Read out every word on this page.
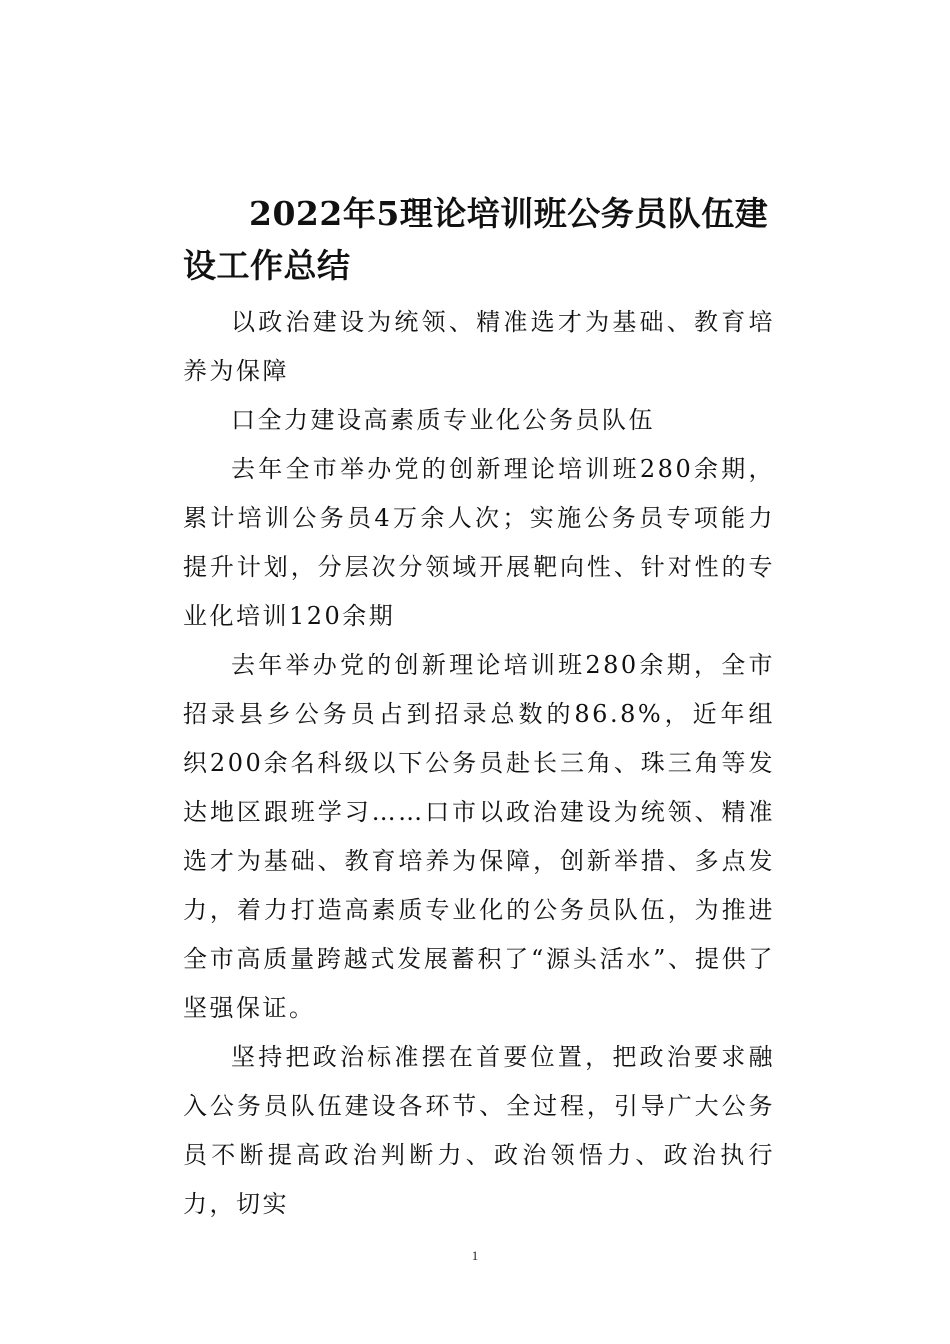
2022年5理论培训班公务员队伍建设工作总结

以政治建设为统领、精准选才为基础、教育培养为保障

口全力建设高素质专业化公务员队伍

去年全市举办党的创新理论培训班280余期，累计培训公务员4万余人次；实施公务员专项能力提升计划，分层次分领域开展靶向性、针对性的专业化培训120余期

去年举办党的创新理论培训班280余期，全市招录县乡公务员占到招录总数的86.8%，近年组织200余名科级以下公务员赴长三角、珠三角等发达地区跟班学习……口市以政治建设为统领、精准选才为基础、教育培养为保障，创新举措、多点发力，着力打造高素质专业化的公务员队伍，为推进全市高质量跨越式发展蓄积了“源头活水”、提供了坚强保证。

坚持把政治标准摆在首要位置，把政治要求融入公务员队伍建设各环节、全过程，引导广大公务员不断提高政治判断力、政治领悟力、政治执行力，切实

1
